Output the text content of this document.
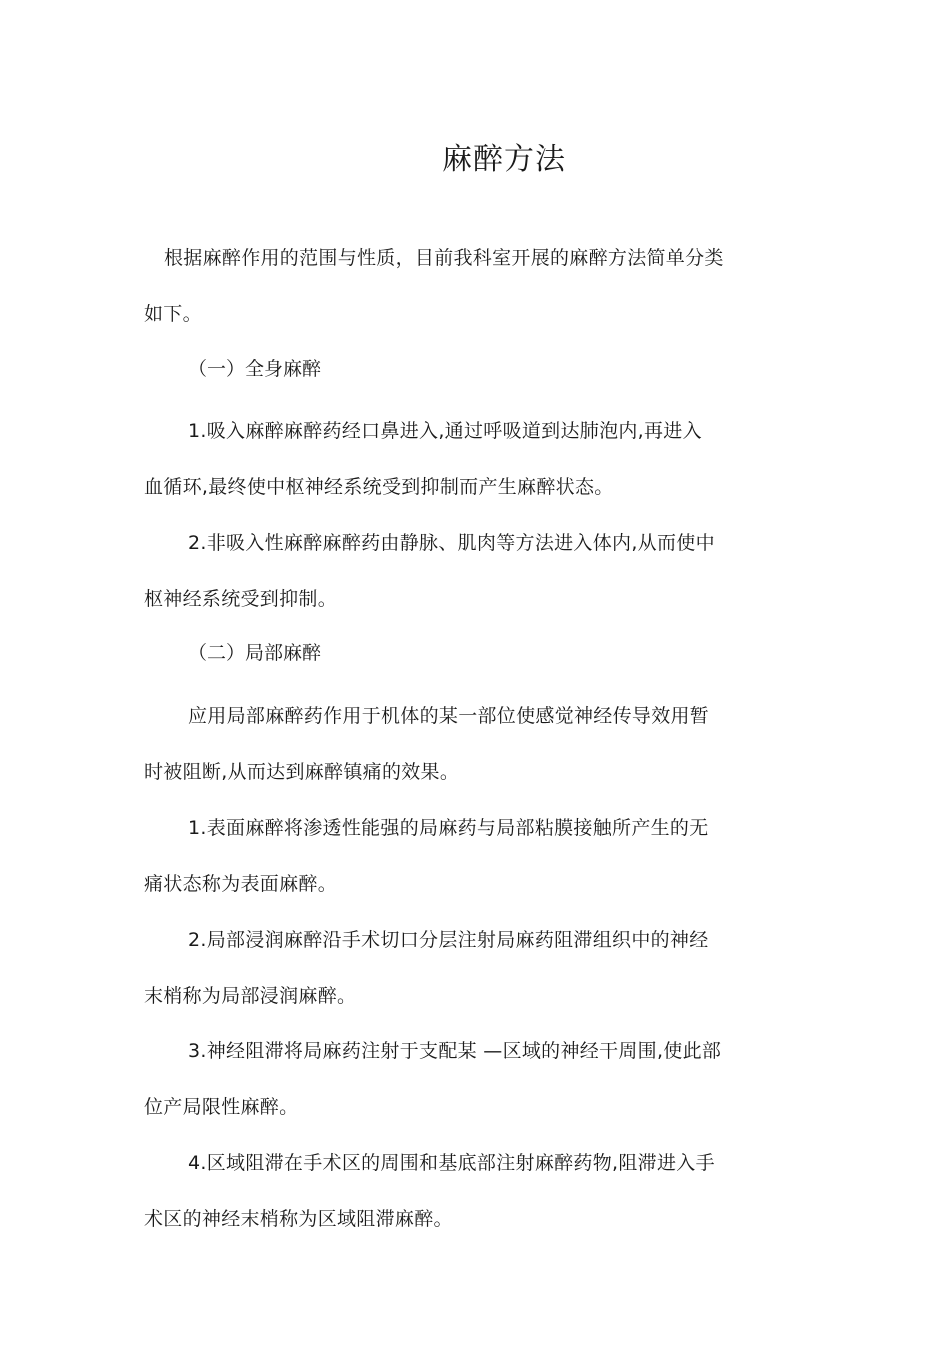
麻醉方法

根据麻醉作用的范围与性质，目前我科室开展的麻醉方法简单分类
如下。

（一）全身麻醉

1.吸入麻醉麻醉药经口鼻进入,通过呼吸道到达肺泡内,再进入
血循环,最终使中枢神经系统受到抑制而产生麻醉状态。

2.非吸入性麻醉麻醉药由静脉、肌肉等方法进入体内,从而使中
枢神经系统受到抑制。

（二）局部麻醉

应用局部麻醉药作用于机体的某一部位使感觉神经传导效用暂
时被阻断,从而达到麻醉镇痛的效果。

1.表面麻醉将渗透性能强的局麻药与局部粘膜接触所产生的无
痛状态称为表面麻醉。

2.局部浸润麻醉沿手术切口分层注射局麻药阻滞组织中的神经
末梢称为局部浸润麻醉。

3.神经阻滞将局麻药注射于支配某 —区域的神经干周围,使此部
位产局限性麻醉。

4.区域阻滞在手术区的周围和基底部注射麻醉药物,阻滞进入手
术区的神经末梢称为区域阻滞麻醉。
